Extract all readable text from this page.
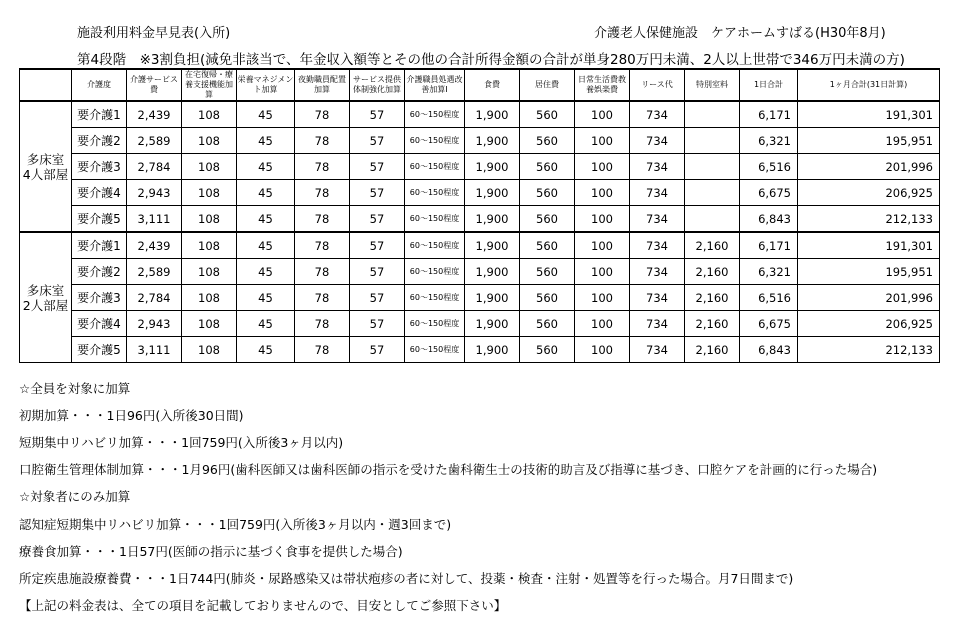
施設利用料金早見表(入所)	介護老人保健施設　ケアホームすばる(H30年8月)
第4段階　※3割負担(減免非該当で、年金収入額等とその他の合計所得金額の合計が単身280万円未満、2人以上世帯で346万円未満の方)
	介護度	介護サービス費	在宅復帰・療養支援機能加算	栄養マネジメント加算	夜勤職員配置加算	サービス提供体制強化加算	介護職員処遇改善加算Ⅰ	食費	居住費	日常生活費教養娯楽費	リース代	特別室料	1日合計	1ヶ月合計(31日計算)
多床室
4人部屋	要介護1	2,439	108	45	78	57	60～150程度	1,900	560	100	734		6,171	191,301
	要介護2	2,589	108	45	78	57	60～150程度	1,900	560	100	734		6,321	195,951
	要介護3	2,784	108	45	78	57	60～150程度	1,900	560	100	734		6,516	201,996
	要介護4	2,943	108	45	78	57	60～150程度	1,900	560	100	734		6,675	206,925
	要介護5	3,111	108	45	78	57	60～150程度	1,900	560	100	734		6,843	212,133
多床室
2人部屋	要介護1	2,439	108	45	78	57	60～150程度	1,900	560	100	734	2,160	6,171	191,301
	要介護2	2,589	108	45	78	57	60～150程度	1,900	560	100	734	2,160	6,321	195,951
	要介護3	2,784	108	45	78	57	60～150程度	1,900	560	100	734	2,160	6,516	201,996
	要介護4	2,943	108	45	78	57	60～150程度	1,900	560	100	734	2,160	6,675	206,925
	要介護5	3,111	108	45	78	57	60～150程度	1,900	560	100	734	2,160	6,843	212,133
☆全員を対象に加算
初期加算・・・1日96円(入所後30日間)
短期集中リハビリ加算・・・1回759円(入所後3ヶ月以内)
口腔衛生管理体制加算・・・1月96円(歯科医師又は歯科医師の指示を受けた歯科衛生士の技術的助言及び指導に基づき、口腔ケアを計画的に行った場合)
☆対象者にのみ加算
認知症短期集中リハビリ加算・・・1回759円(入所後3ヶ月以内・週3回まで)
療養食加算・・・1日57円(医師の指示に基づく食事を提供した場合)
所定疾患施設療養費・・・1日744円(肺炎・尿路感染又は帯状疱疹の者に対して、投薬・検査・注射・処置等を行った場合。月7日間まで)
【上記の料金表は、全ての項目を記載しておりませんので、目安としてご参照下さい】
